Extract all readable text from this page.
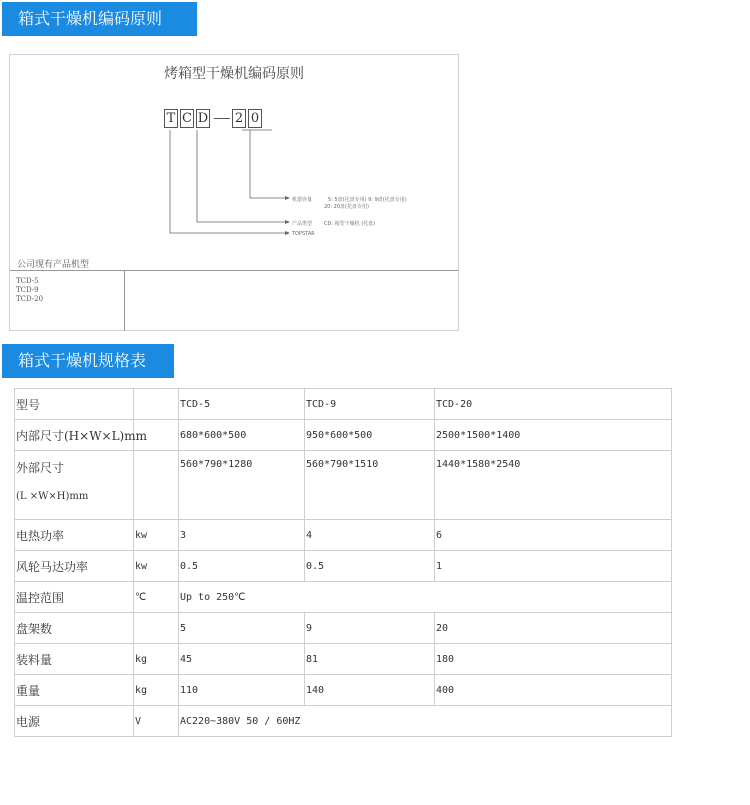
箱式干燥机编码原则
烤箱型干燥机编码原则
T C D 2 0
机器容量	5: 5盘(托盘专用) 9: 9盘(托盘专用)
20: 20盘(托盘专用)
产品类型 CD: 箱型干燥机 (托盘)
TOPSTAR
公司现有产品机型
TCD-5
TCD-9
TCD-20
箱式干燥机规格表
型号		TCD-5	TCD-9	TCD-20
内部尺寸(H×W×L)mm		680*600*500	950*600*500	2500*1500*1400

外部尺寸
(L ×W×H)mm		560*790*1280	560*790*1510	1440*1580*2540
电热功率	kw	3	4	6
风轮马达功率	kw	0.5	0.5	1
温控范围	℃	Up to 250℃		
盘架数		5	9	20
装料量	kg	45	81	180
重量	kg	110	140	400
电源	V	AC220~380V 50 / 60HZ		
